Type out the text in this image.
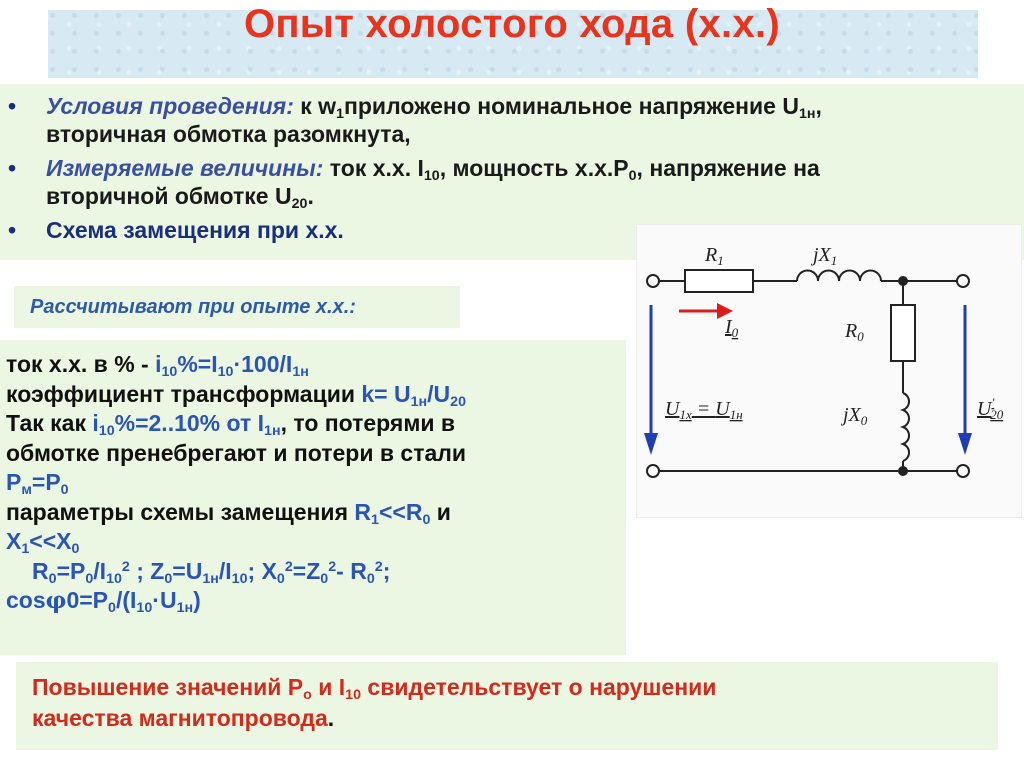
Опыт холостого хода (х.х.)
• Условия проведения: к $w_1приложено$ номинальное напряжение $U_{1н}$,
вторичная обмотка разомкнута,
• Измеряемые величины: ток х.х. $I_{10}$, мощность $х.х.P_0$, напряжение на
вторичной обмотке $U_{20}$.
• Схема замещения при х.х.
Рассчитывают при опыте х.х.:
ток х.х. в % - $i_{10}\%=I_{10}\cdot 100/I_{1н}$
коэффициент трансформации $k= U_{1н}/U_{20}$
Так как $i_{10}\%=2..10\%$ от $I_{1н}$, то потерями в
обмотке пренебрегают и потери в стали
$P_м=P_0$
параметры схемы замещения $R_1<<R_0$ и
$X_1<<X_0$
$R_0=P_0/I_{10}^2$ ; $Z_0=U_{1н}/I_{10}$; $X_0^2=Z_0^2-$ $R_0^2$;
$\cos\varphi 0=P_0/(I_{10}\cdot U_{1н})$
Повышение значений $P_o$ и $I_{10}$ свидетельствует о нарушении
качества магнитопровода.
$R_1$	$jX_1$
$I_0$	$R_0$
$jX_0$
$U_{1x} = U_{1н}$	U' 20
